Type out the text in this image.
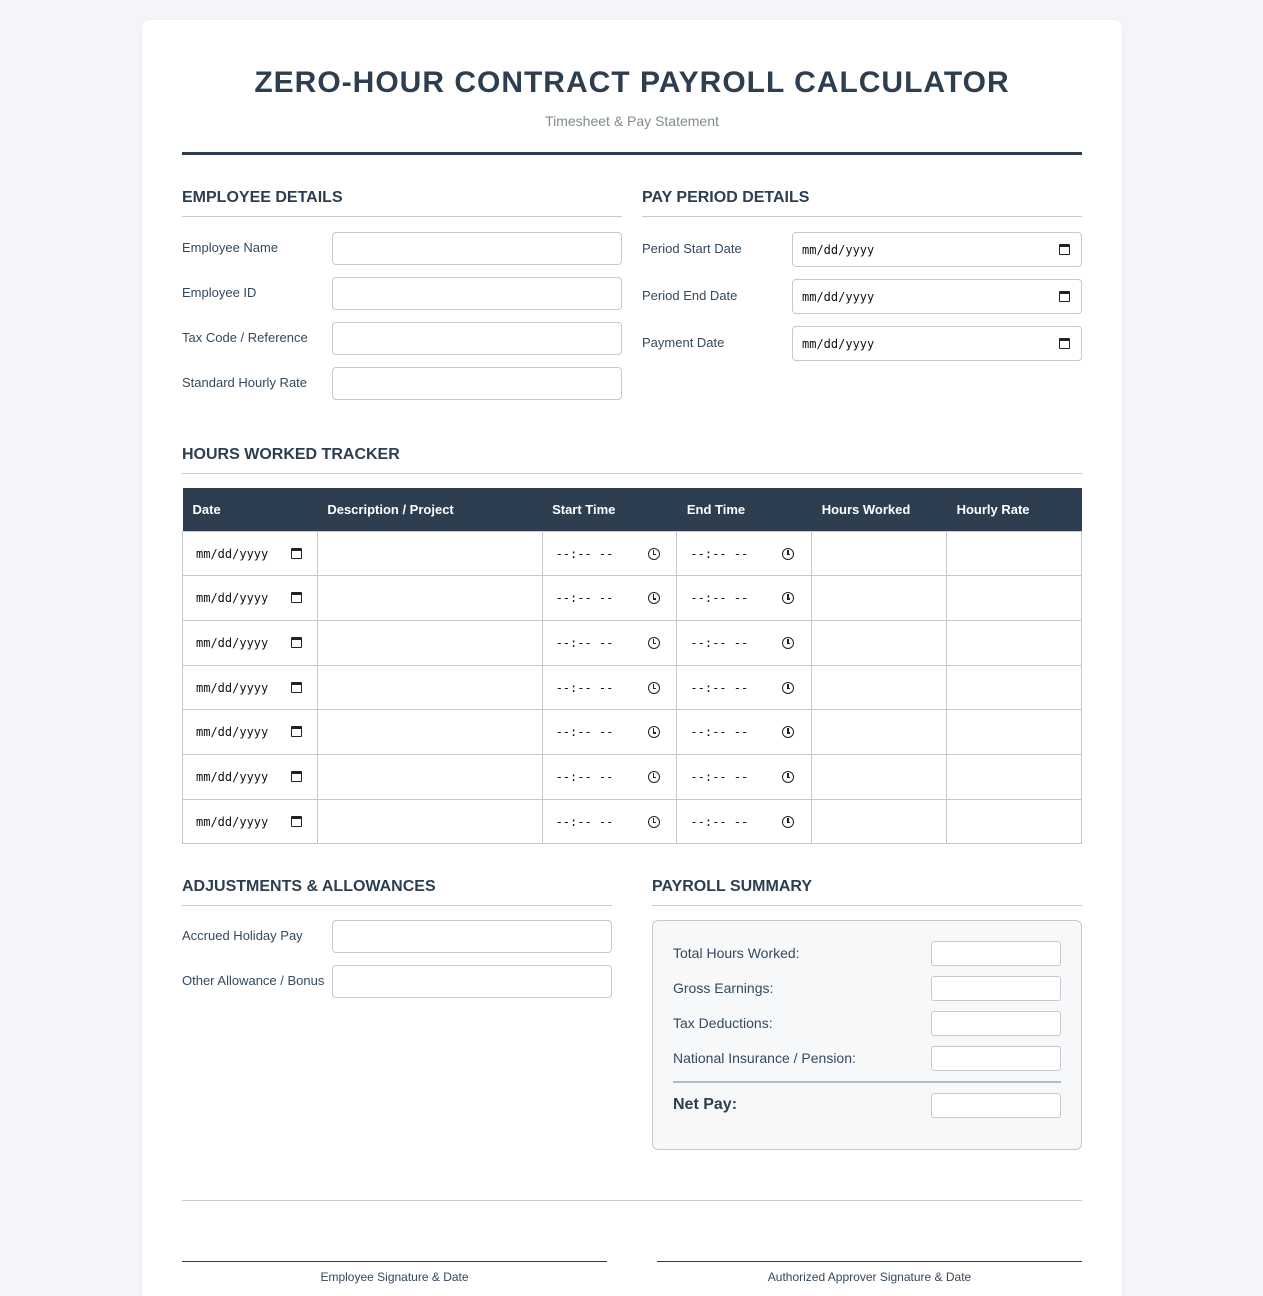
ZERO-HOUR CONTRACT PAYROLL CALCULATOR
Timesheet & Pay Statement
EMPLOYEE DETAILS
Employee Name
Employee ID
Tax Code / Reference
Standard Hourly Rate
PAY PERIOD DETAILS
Period Start Date	mm/dd/yyyy
Period End Date	mm/dd/yyyy
Payment Date	mm/dd/yyyy
HOURS WORKED TRACKER
Date	Description / Project	Start Time	End Time	Hours Worked	Hourly Rate

mm/dd/yyyy		--:-- --	--:-- --		

mm/dd/yyyy		--:-- --	--:-- --		

mm/dd/yyyy		--:-- --	--:-- --		

mm/dd/yyyy		--:-- --	--:-- --		

mm/dd/yyyy		--:-- --	--:-- --		

mm/dd/yyyy		--:-- --	--:-- --		

mm/dd/yyyy		--:-- --	--:-- --		

ADJUSTMENTS & ALLOWANCES
Accrued Holiday Pay
Other Allowance / Bonus
PAYROLL SUMMARY
Total Hours Worked:
Gross Earnings:
Tax Deductions:
National Insurance / Pension:
Net Pay:
Employee Signature & Date	Authorized Approver Signature & Date
